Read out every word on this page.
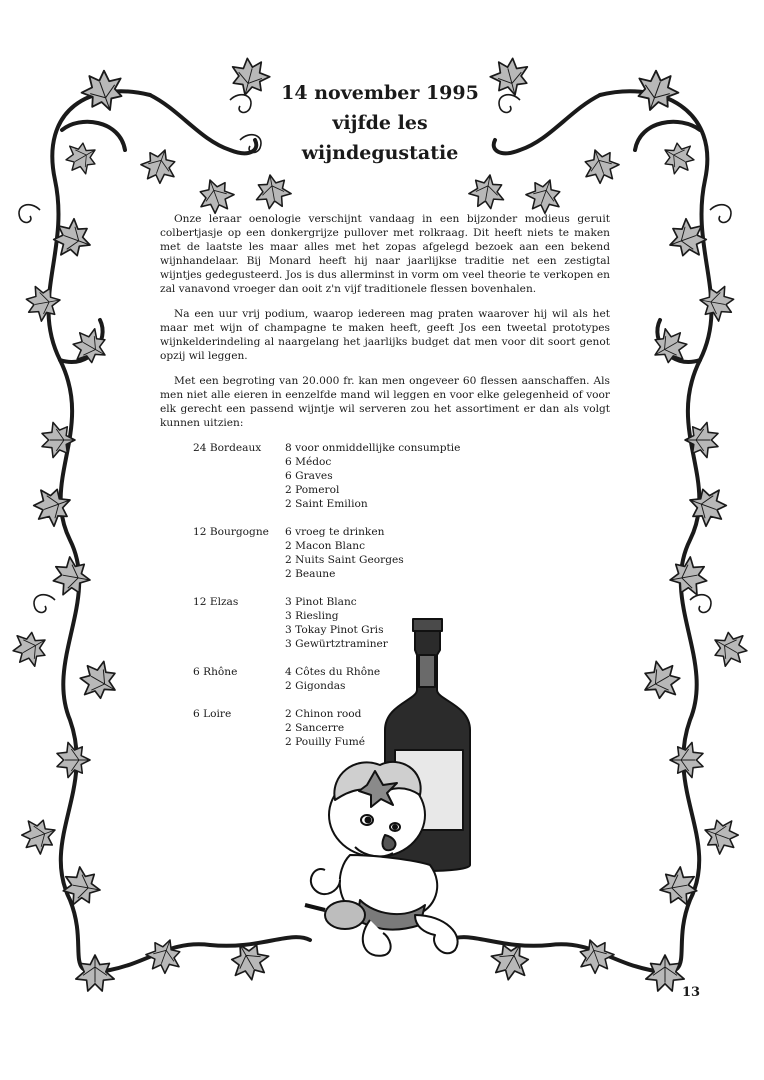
14 november 1995
vijfde les
wijndegustatie

Onze leraar oenologie verschijnt vandaag in een bijzonder modieus geruit colbertjasje op een donkergrijze pullover met rolkraag. Dit heeft niets te maken met de laatste les maar alles met het zopas afgelegd bezoek aan een bekend wijnhandelaar. Bij Monard heeft hij naar jaarlijkse traditie net een zestigtal wijntjes gedegusteerd. Jos is dus allerminst in vorm om veel theorie te verkopen en zal vanavond vroeger dan ooit z'n vijf traditionele flessen bovenhalen.

Na een uur vrij podium, waarop iedereen mag praten waarover hij wil als het maar met wijn of champagne te maken heeft, geeft Jos een tweetal prototypes wijnkelderindeling al naargelang het jaarlijks budget dat men voor dit soort genot opzij wil leggen.

Met een begroting van 20.000 fr. kan men ongeveer 60 flessen aanschaffen. Als men niet alle eieren in eenzelfde mand wil leggen en voor elke gelegenheid of voor elk gerecht een passend wijntje wil serveren zou het assortiment er dan als volgt kunnen uitzien:

24 Bordeaux	8 voor onmiddellijke consumptie
6 Médoc
6 Graves
2 Pomerol
2 Saint Emilion
12 Bourgogne	6 vroeg te drinken
2 Macon Blanc
2 Nuits Saint Georges
2 Beaune
12 Elzas	3 Pinot Blanc
3 Riesling
3 Tokay Pinot Gris
3 Gewürtztraminer
6 Rhône	4 Côtes du Rhône
2 Gigondas
6 Loire	2 Chinon rood
2 Sancerre
2 Pouilly Fumé
13
